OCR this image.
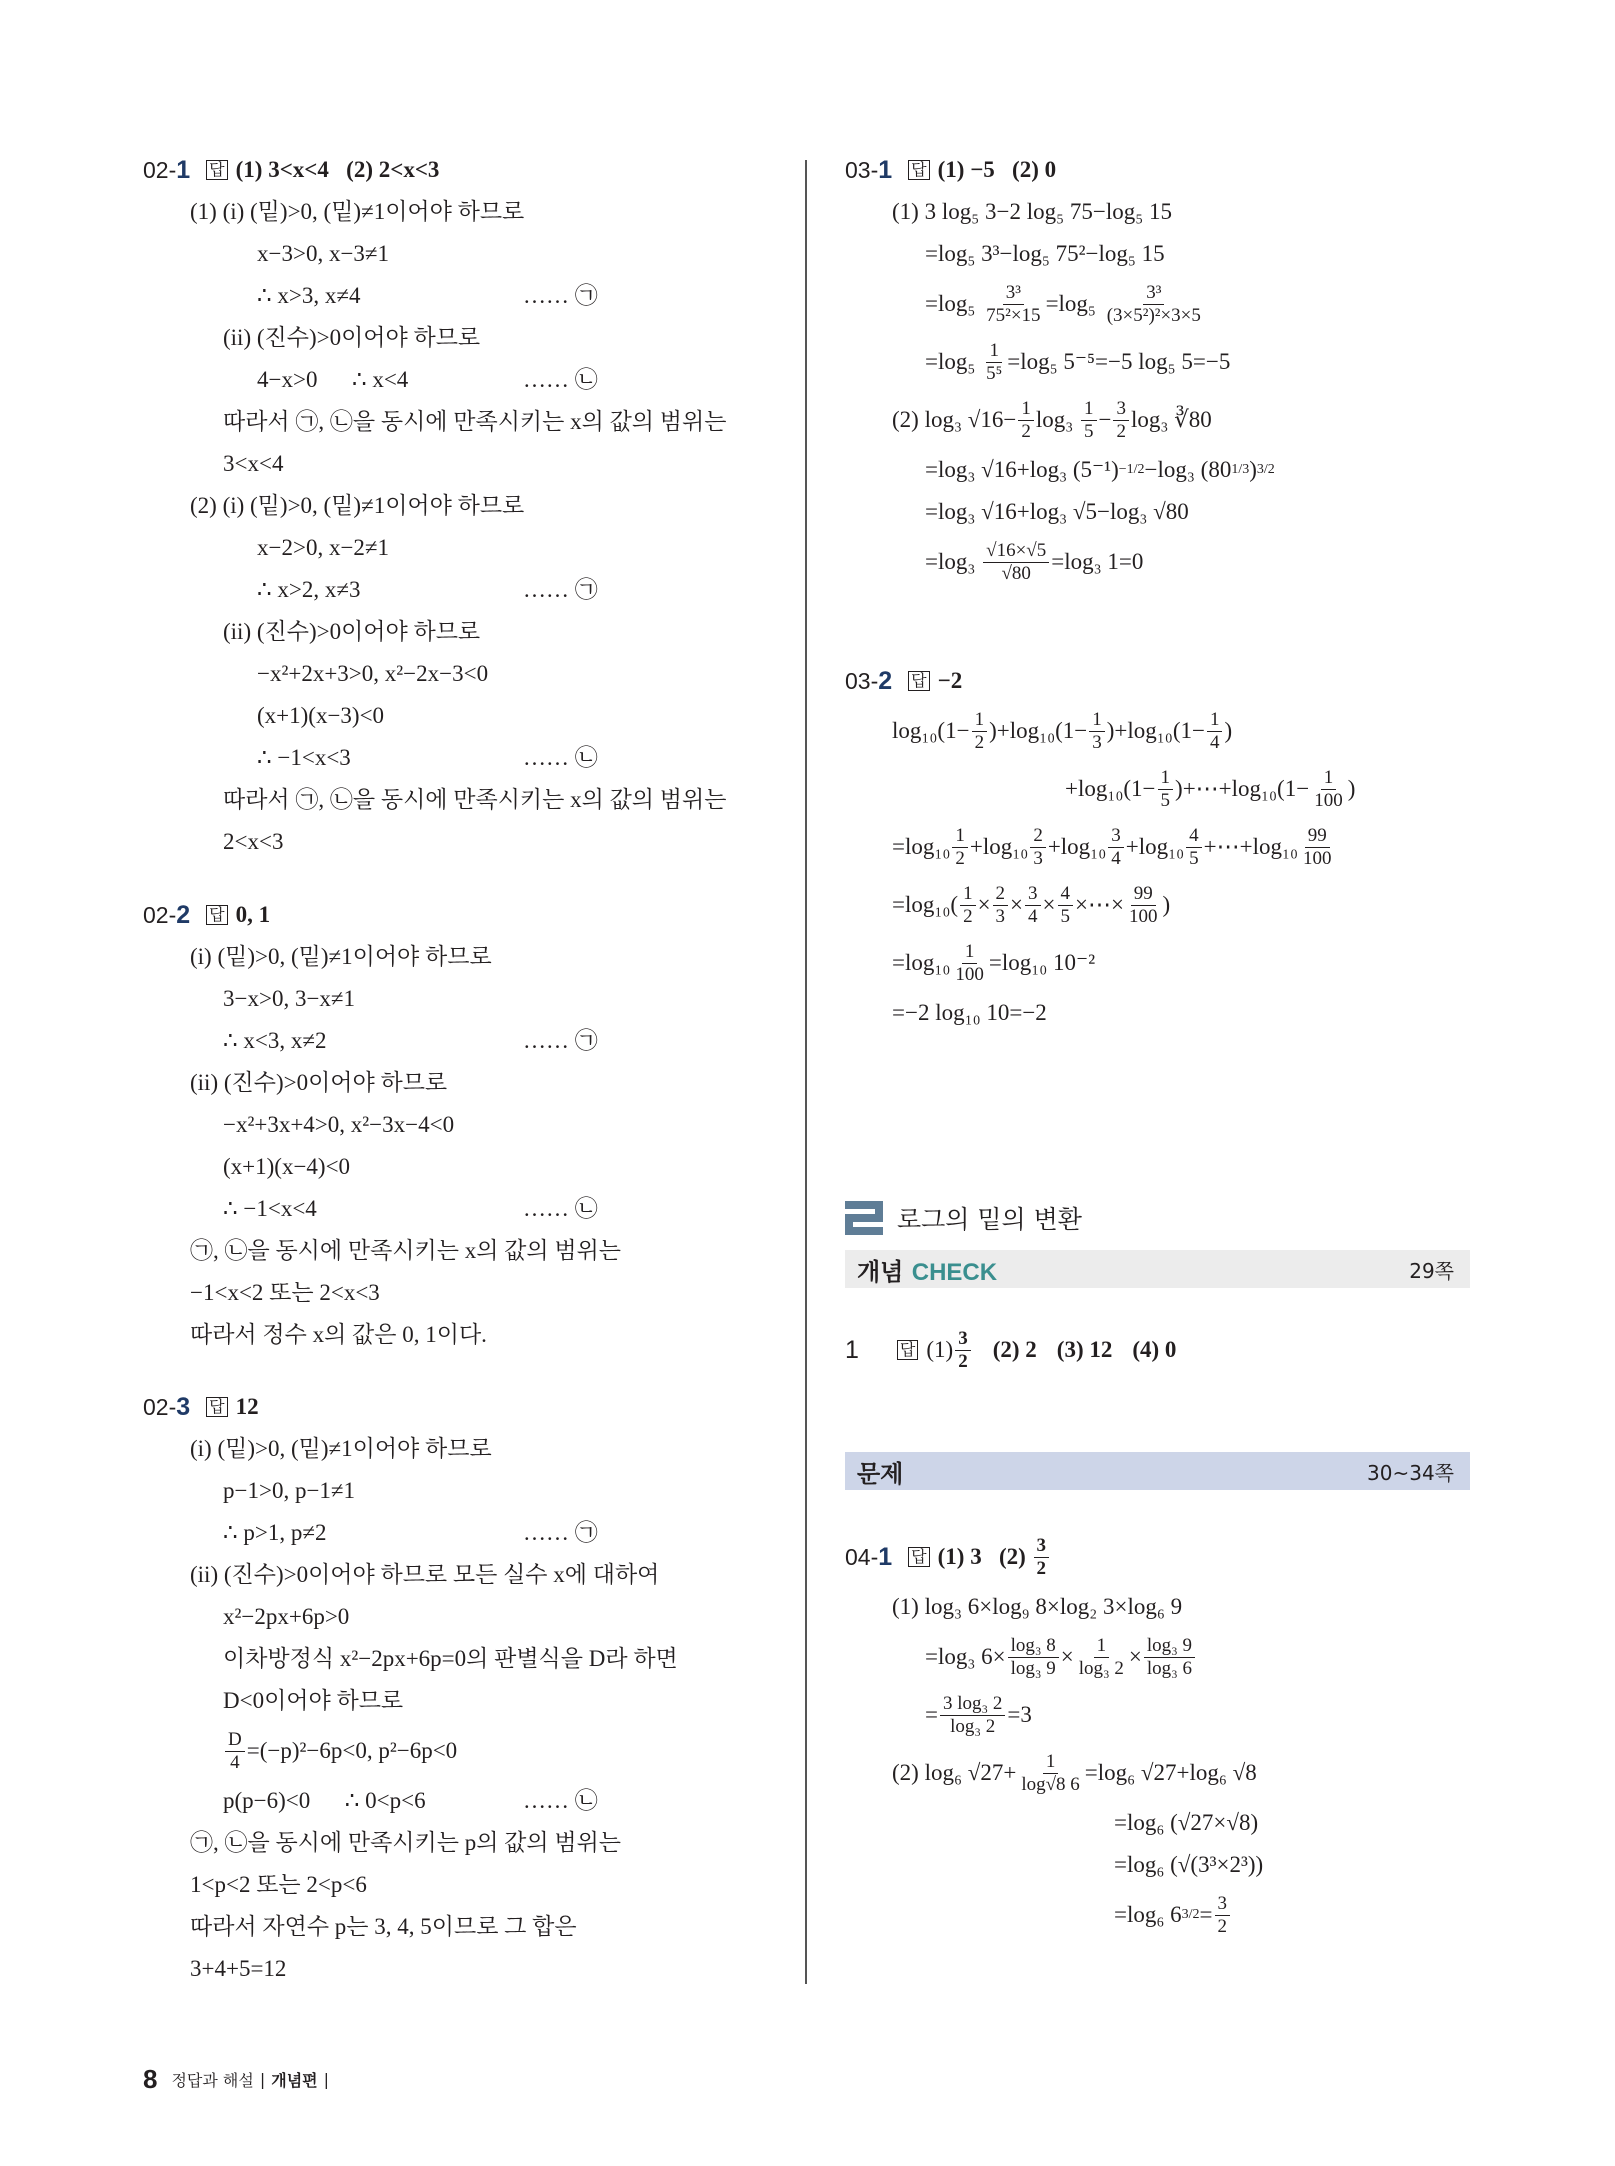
02- 1 답 (1) 3<x<4   (2) 2<x<3
(1) (i) (밑)>0, (밑)≠1이어야 하므로
x−3>0, x−3≠1
∴ x>3, x≠4	…… ㉠
(ii) (진수)>0이어야 하므로
4−x>0      ∴ x<4	…… ㉡
따라서 ㉠, ㉡을 동시에 만족시키는 x의 값의 범위는
3<x<4
(2) (i) (밑)>0, (밑)≠1이어야 하므로
x−2>0, x−2≠1
∴ x>2, x≠3	…… ㉠
(ii) (진수)>0이어야 하므로
−x²+2x+3>0, x²−2x−3<0
(x+1)(x−3)<0
∴ −1<x<3	…… ㉡
따라서 ㉠, ㉡을 동시에 만족시키는 x의 값의 범위는
2<x<3
02- 2 답 0, 1
(i) (밑)>0, (밑)≠1이어야 하므로
3−x>0, 3−x≠1
∴ x<3, x≠2	…… ㉠
(ii) (진수)>0이어야 하므로
−x²+3x+4>0, x²−3x−4<0
(x+1)(x−4)<0
∴ −1<x<4	…… ㉡
㉠, ㉡을 동시에 만족시키는 x의 값의 범위는
−1<x<2 또는 2<x<3
따라서 정수 x의 값은 0, 1이다.
02- 3 답 12
(i) (밑)>0, (밑)≠1이어야 하므로
p−1>0, p−1≠1
∴ p>1, p≠2	…… ㉠
(ii) (진수)>0이어야 하므로 모든 실수 x에 대하여
x²−2px+6p>0
이차방정식 x²−2px+6p=0의 판별식을 D라 하면
D<0이어야 하므로
$\frac{D}{4} =(-p)^2-6p<0$, p²−6p<0
p(p−6)<0      ∴ 0<p<6	…… ㉡
㉠, ㉡을 동시에 만족시키는 p의 값의 범위는
1<p<2 또는 2<p<6
따라서 자연수 p는 3, 4, 5이므로 그 합은
3+4+5=12
03- 1 답 (1) −5   (2) 0
(1) 3 log₅ 3−2 log₅ 75−log₅ 15
=log₅ 3³−log₅ 75²−log₅ 15
$=\log_5 \frac{\text{3³}}{\text{75²×15}} =\log_5 \frac{\text{3³}}{\text{(3×5²)²×3×5}}$
$=\log_5 \frac{1}{\text{5⁵}} =\log_5$ 5⁻⁵=−5 log₅ 5=−5
(2) log₃ $√16- \frac{1}{2} \log_3 \frac{1}{5} - \frac{3}{2} \log_3$ ∛80
=log₃ √16+log₃ (5⁻¹) −1/2 −log₃ (80 1/3 ) 3/2
=log₃ √16+log₃ √5−log₃ √80
$=\log_3 \frac{√16\times√5}{√80} =\log_3$ 1=0
03- 2 답 −2
$\log_{10}(1- \frac{1}{2} )+\log_{10}(1- \frac{1}{3} )+\log_{10}(1- \frac{1}{4}$ )
$+\log_{10}(1- \frac{1}{5}$ )+⋯+log₁₀(1− $\frac{1}{100}$ )
$=\log_{10} \frac{1}{2} +\log_{10} \frac{2}{3} +\log_{10} \frac{3}{4} +\log_{10} \frac{4}{5}$ +⋯+log₁₀ $\frac{99}{100}$
$=\log_{10}( \frac{1}{2} \times \frac{2}{3} \times \frac{3}{4} \times \frac{4}{5}$ ×⋯× $\frac{99}{100}$ )
$=\log_{10} \frac{1}{100} =\log_{10}$ 10⁻²
=−2 log₁₀ 10=−2
04- 1 답 (1) 3   $(2) \frac{3}{2}$
(1) log₃ 6×log₉ 8×log₂ 3×log₆ 9
=log₃ $6\times \frac{\text{log₃ 8}}{\text{log₃ 9}} \times \frac{1}{\text{log₃ 2}} \times \frac{\text{log₃ 9}}{\text{log₃ 6}}$
= $\frac{\text{3 log₃ 2}}{\text{log₃ 2}} =3$
(2) log₆ $√27+ \frac{1}{\log√8 6} =\log_6$ √27+log₆ √8
=log₆ (√27×√8)
=log₆ (√(3³×2³))
=log₆ 6 $3/2 = \frac{3}{2}$
로그의 밑의 변환
개념 CHECK	29쪽
1	답 $(1) \frac{3}{2} (2)$ 2 (3) 12 (4) 0
문제	30~34쪽
8 정답과 해설 | 개념편 |
